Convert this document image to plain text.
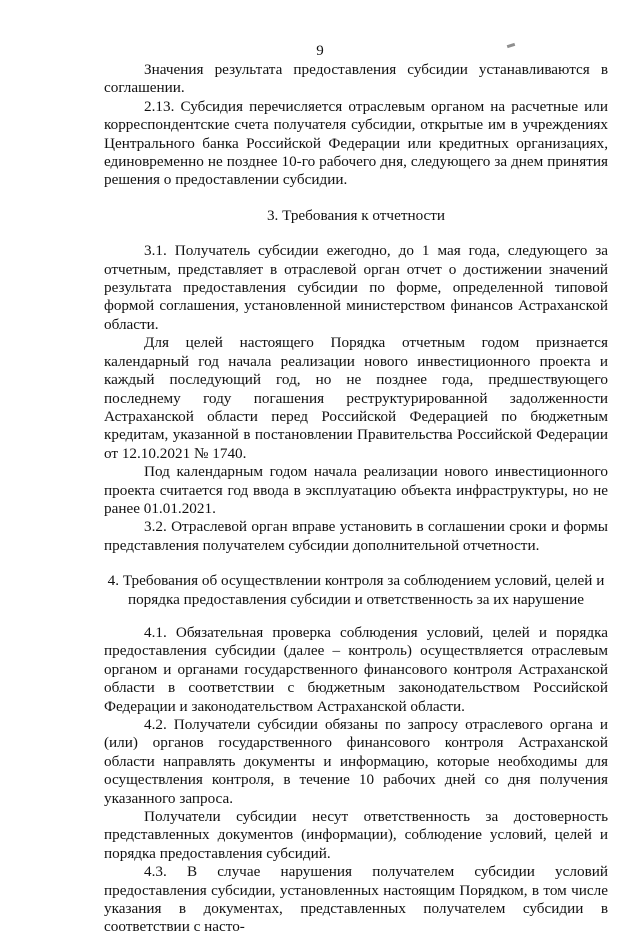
9

Значения результата предоставления субсидии устанавливаются в соглашении.

2.13. Субсидия перечисляется отраслевым органом на расчетные или корреспондентские счета получателя субсидии, открытые им в учреждениях Центрального банка Российской Федерации или кредитных организациях, единовременно не позднее 10-го рабочего дня, следующего за днем принятия решения о предоставлении субсидии.

3. Требования к отчетности

3.1. Получатель субсидии ежегодно, до 1 мая года, следующего за отчетным, представляет в отраслевой орган отчет о достижении значений результата предоставления субсидии по форме, определенной типовой формой соглашения, установленной министерством финансов Астраханской области.

Для целей настоящего Порядка отчетным годом признается календарный год начала реализации нового инвестиционного проекта и каждый последующий год, но не позднее года, предшествующего последнему году погашения реструктурированной задолженности Астраханской области перед Российской Федерацией по бюджетным кредитам, указанной в постановлении Правительства Российской Федерации от 12.10.2021 № 1740.

Под календарным годом начала реализации нового инвестиционного проекта считается год ввода в эксплуатацию объекта инфраструктуры, но не ранее 01.01.2021.

3.2. Отраслевой орган вправе установить в соглашении сроки и формы представления получателем субсидии дополнительной отчетности.

4. Требования об осуществлении контроля за соблюдением условий, целей и
порядка предоставления субсидии и ответственность за их нарушение

4.1. Обязательная проверка соблюдения условий, целей и порядка предоставления субсидии (далее – контроль) осуществляется отраслевым органом и органами государственного финансового контроля Астраханской области в соответствии с бюджетным законодательством Российской Федерации и законодательством Астраханской области.

4.2. Получатели субсидии обязаны по запросу отраслевого органа и (или) органов государственного финансового контроля Астраханской области направлять документы и информацию, которые необходимы для осуществления контроля, в течение 10 рабочих дней со дня получения указанного запроса.

Получатели субсидии несут ответственность за достоверность представленных документов (информации), соблюдение условий, целей и порядка предоставления субсидий.

4.3. В случае нарушения получателем субсидии условий предоставления субсидии, установленных настоящим Порядком, в том числе указания в документах, представленных получателем субсидии в соответствии с насто-
